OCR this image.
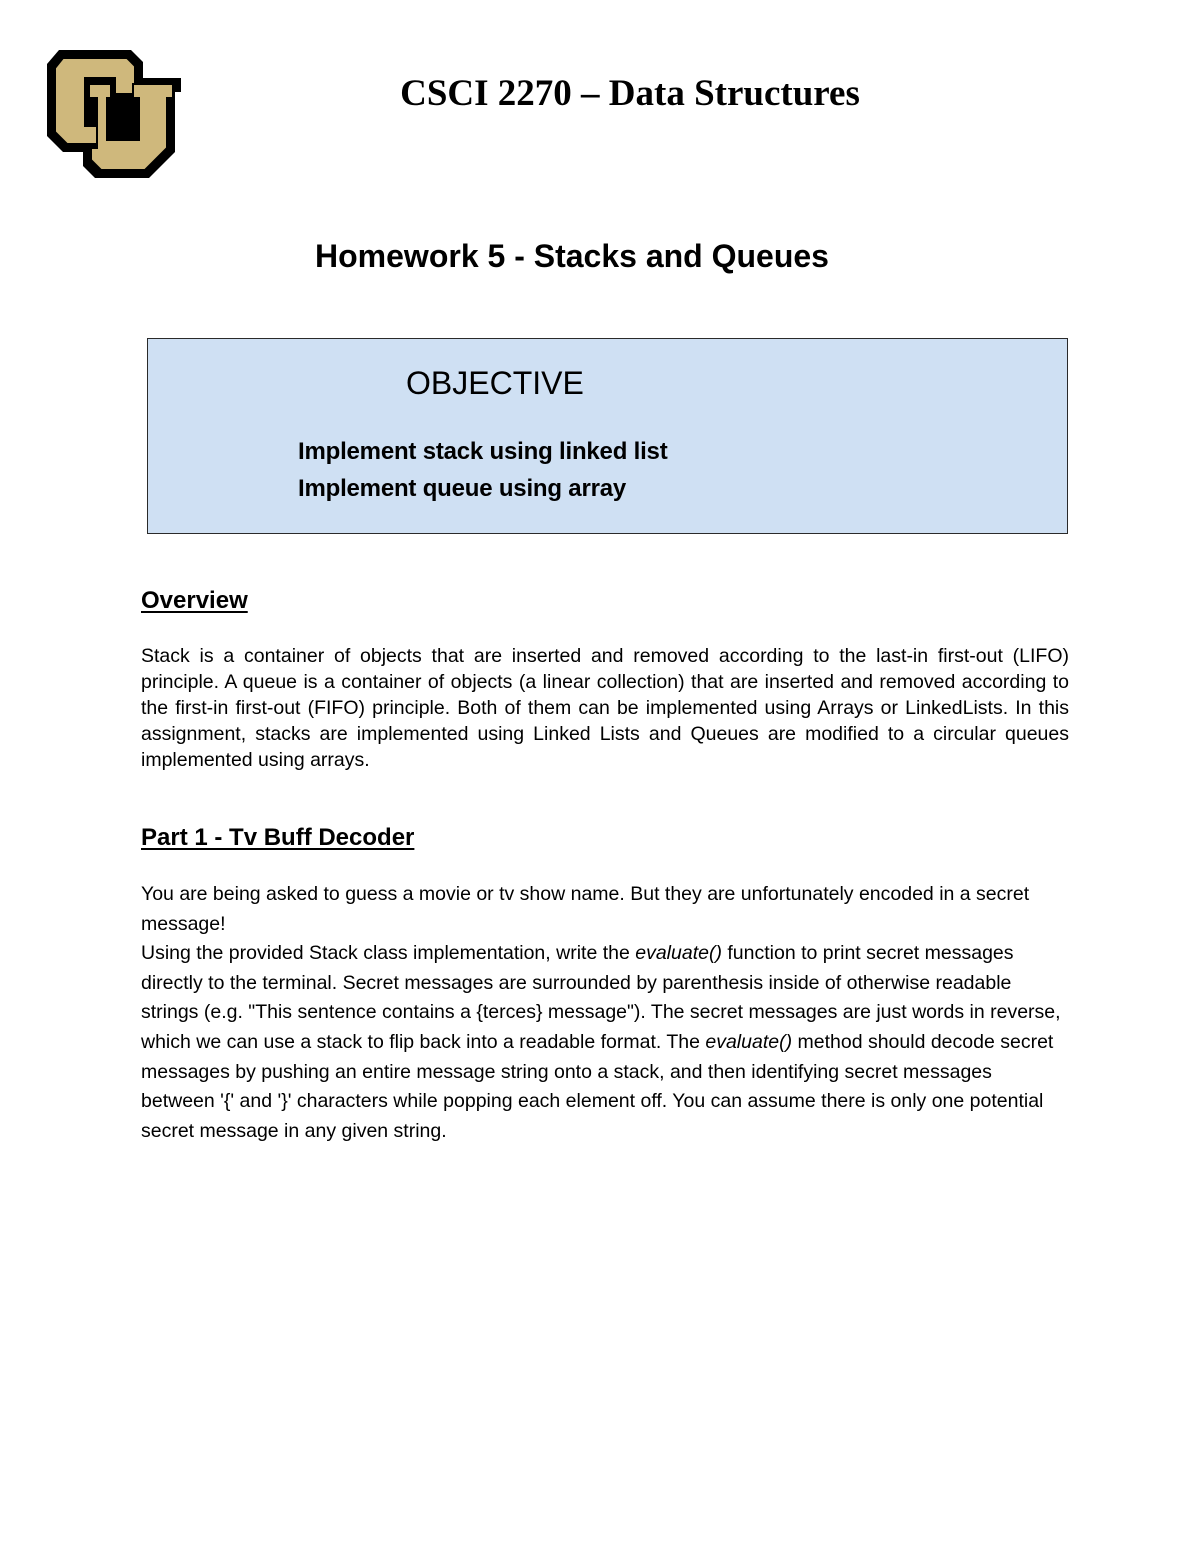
CSCI 2270 – Data Structures
Homework 5 - Stacks and Queues
OBJECTIVE
Implement stack using linked list
Implement queue using array
Overview

Stack is a container of objects that are inserted and removed according to the last-in first-out (LIFO) principle. A queue is a container of objects (a linear collection) that are inserted and removed according to the first-in first-out (FIFO) principle. Both of them can be implemented using Arrays or LinkedLists. In this assignment, stacks are implemented using Linked Lists and Queues are modified to a circular queues implemented using arrays.

Part 1 - Tv Buff Decoder

You are being asked to guess a movie or tv show name. But they are unfortunately encoded in a secret message!

Using the provided Stack class implementation, write the evaluate() function to print secret messages directly to the terminal. Secret messages are surrounded by parenthesis inside of otherwise readable strings (e.g. "This sentence contains a {terces} message"). The secret messages are just words in reverse, which we can use a stack to flip back into a readable format. The evaluate() method should decode secret messages by pushing an entire message string onto a stack, and then identifying secret messages between '{' and '}' characters while popping each element off. You can assume there is only one potential secret message in any given string.
